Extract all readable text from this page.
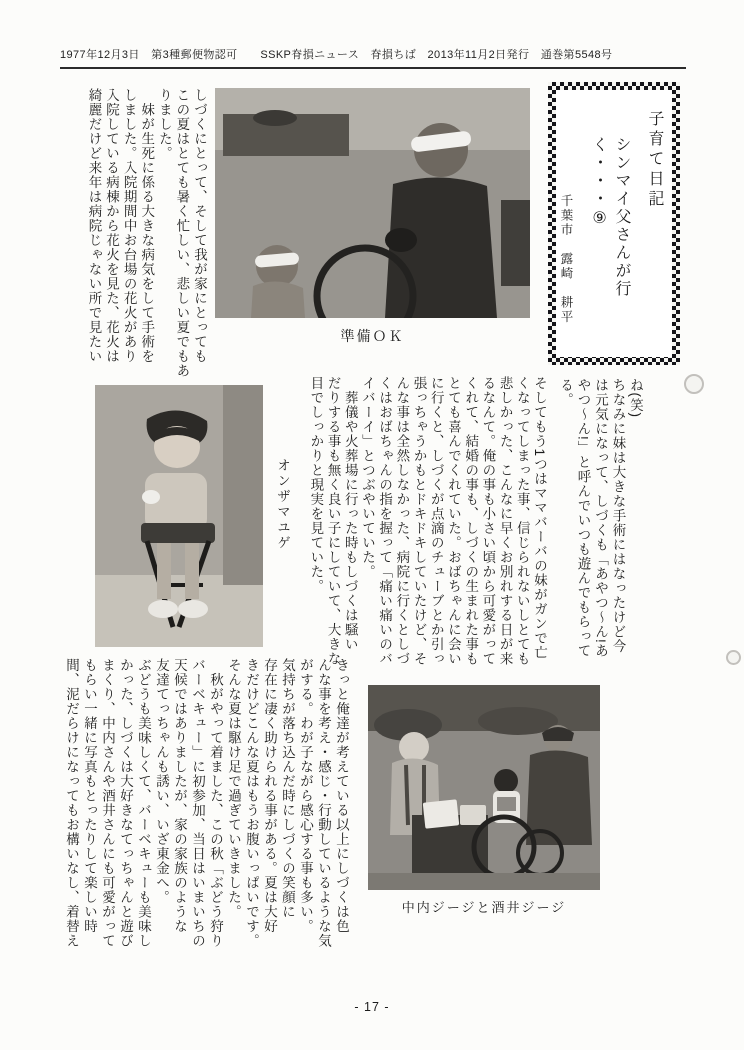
1977年12月3日　第3種郵便物認可　　SSKP脊損ニュース　脊損ちば　2013年11月2日発行　通巻第5548号
子育て日記
シンマイ父さんが行く・・・⑨
千葉市　露崎　耕平
準備ＯＫ
しづくにとって、そして我が家にとっても
この夏はとても暑く忙しい、悲しい夏でもあ
りました。
　妹が生死に係る大きな病気をして手術を
しました。入院期間中お台場の花火があり
入院している病棟から花火を見た、花火は
綺麗だけど来年は病院じゃない所で見たい
オンザマユゲ
ね(笑)
ちなみに妹は大きな手術にはなったけど今
は元気になって、しづくも「あやつ〜ん!あ
やつ〜ん!」と呼んでいつも遊んでもらって
る。
そしてもう1つはママバーバの妹がガンで亡
くなってしまった事、信じられないしとても
悲しかった、こんなに早くお別れする日が来
るなんて。俺の事も小さい頃から可愛がって
くれて、結婚の事も、しづくの生まれた事も
とても喜んでくれていた。おばちゃんに会い
に行くと、しづくが点滴のチューブとか引っ
張っちゃうかもとドキドキしていたけど、そ
んな事は全然しなかった、病院に行くとしづ
くはおばちゃんの指を握って「痛い痛いのバ
イバーイ」とつぶやいていた。
　葬儀や火葬場に行った時もしづくは騒い
だりする事も無く良い子にしていて、大きな
目でしっかりと現実を見ていた。
きっと俺達が考えている以上にしづくは色
んな事を考え・感じ・行動しているような気
がする。わが子ながら感心する事も多い。
気持ちが落ち込んだ時にしづくの笑顔に
存在に凄く助けられる事がある。夏は大好
きだけどこんな夏はもうお腹いっぱいです。
そんな夏は駆け足で過ぎていきました。
　秋がやって着ました、この秋「ぶどう狩り
バーベキュー」に初参加、当日はいまいちの
天候ではありましたが、家の家族のような
友達てっちゃんも誘い、いざ東金へ。
ぶどうも美味しくて、バーベキューも美味し
かった、しづくは大好きなてっちゃんと遊び
まくり、中内さんや酒井さんにも可愛がって
もらい一緒に写真もとったりして楽しい時
間、泥だらけになってもお構いなし、着替え	中内ジージと酒井ジージ
- 17 -
